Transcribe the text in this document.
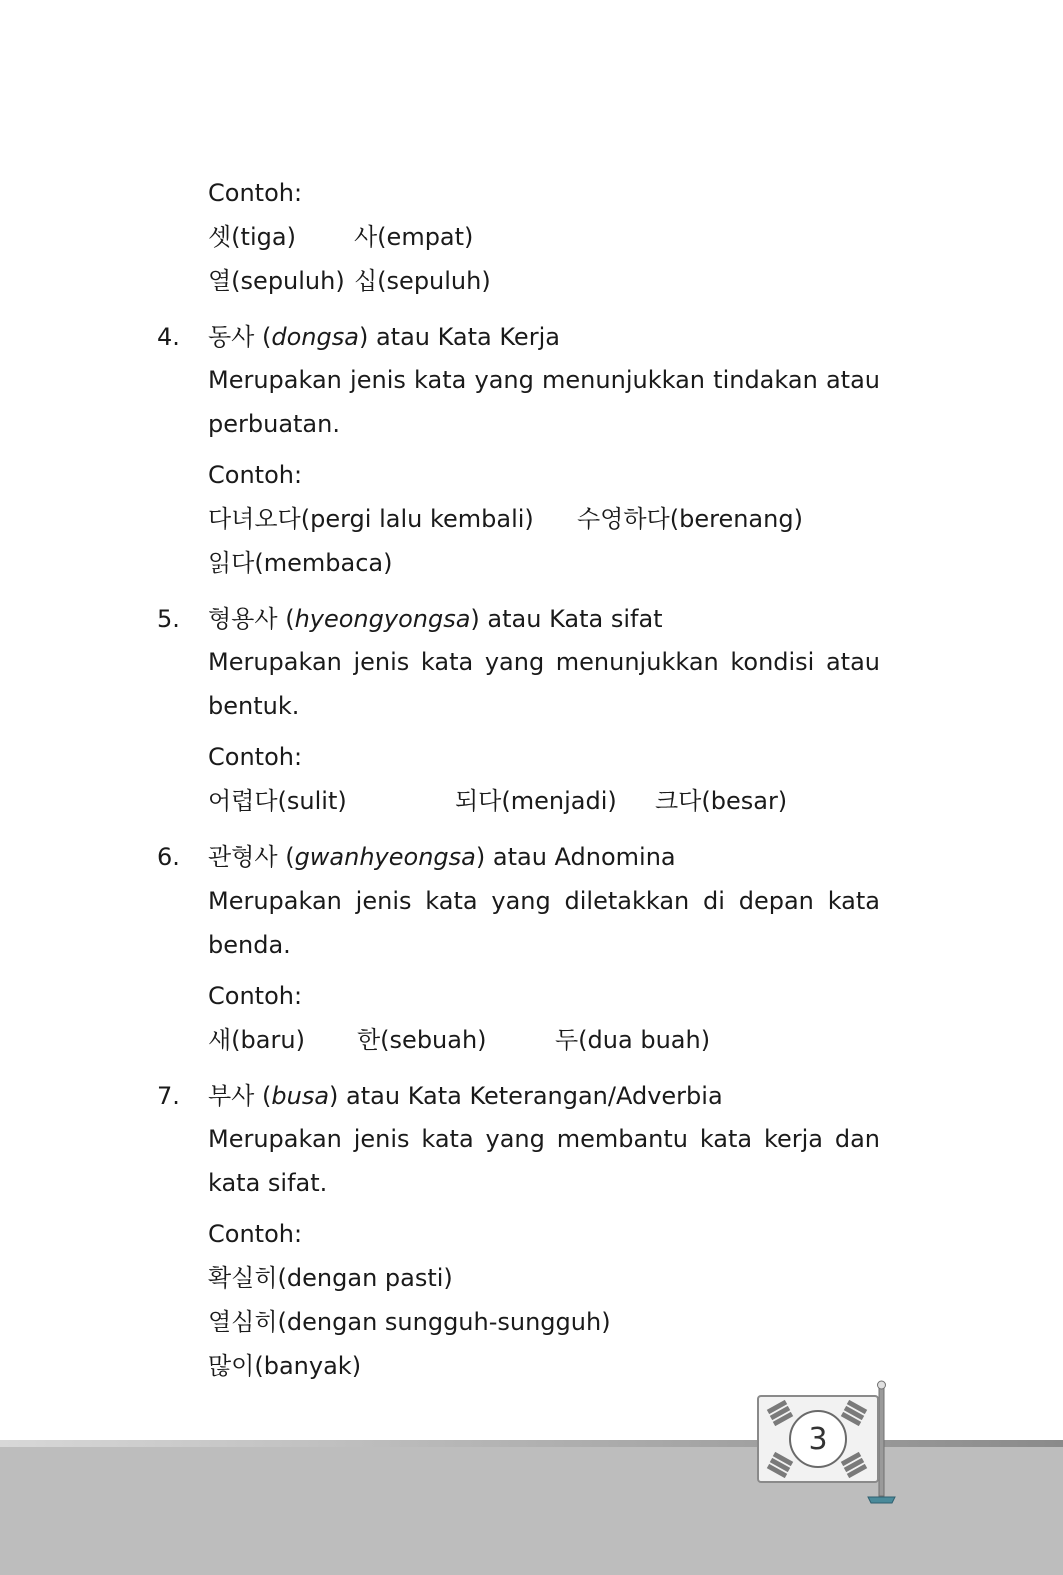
Contoh:
셋(tiga) 사(empat)
열(sepuluh) 십(sepuluh)
4. 동사 (dongsa) atau Kata Kerja
Merupakan jenis kata yang menunjukkan tindakan atau perbuatan.
Contoh:
다녀오다(pergi lalu kembali) 수영하다(berenang)
읽다(membaca)
5. 형용사 (hyeongyongsa) atau Kata sifat
Merupakan jenis kata yang menunjukkan kondisi atau bentuk.
Contoh:
어렵다(sulit)	되다(menjadi) 크다(besar)
6. 관형사 (gwanhyeongsa) atau Adnomina
Merupakan jenis kata yang diletakkan di depan kata benda.
Contoh:
새(baru) 한(sebuah)	두(dua buah)
7. 부사 (busa) atau Kata Keterangan/Adverbia
Merupakan jenis kata yang membantu kata kerja dan kata sifat.
Contoh:
확실히(dengan pasti)
열심히(dengan sungguh-sungguh)
많이(banyak)
3
